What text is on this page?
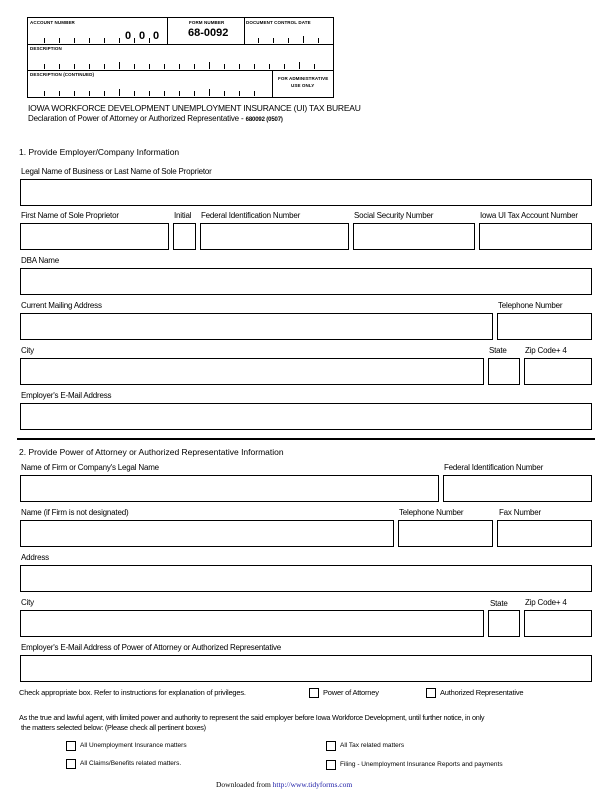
ACCOUNT NUMBER	FORM NUMBER
68-0092
DOCUMENT CONTROL DATE
DESCRIPTION
DESCRIPTION (CONTINUED)
FOR ADMINISTRATIVE
USE ONLY
0 0 0
IOWA WORKFORCE DEVELOPMENT UNEMPLOYMENT INSURANCE (UI) TAX BUREAU
Declaration of Power of Attorney or Authorized Representative - 680092 (0507)
1. Provide Employer/Company Information
Legal Name of Business or Last Name of Sole Proprietor
First Name of Sole Proprietor	Initial Federal Identification Number	Social Security Number	Iowa UI Tax Account Number
DBA Name
Current Mailing Address	Telephone Number
City	State Zip Code+ 4
Employer's E-Mail Address
2. Provide Power of Attorney or Authorized Representative Information
Name of Firm or Company's Legal Name	Federal Identification Number
Name (if Firm is not designated)	Telephone Number	Fax Number
Address
City	State Zip Code+ 4
Employer's E-Mail Address of Power of Attorney or Authorized Representative
Check appropriate box. Refer to instructions for explanation of privileges.	Power of Attorney	Authorized Representative
As the true and lawful agent, with limited power and authority to represent the said employer before Iowa Workforce Development, until further notice, in only
the matters selected below: (Please check all pertinent boxes)
All Unemployment Insurance matters	All Tax related matters
All Claims/Benefits related matters.	Filing - Unemployment Insurance Reports and payments
Downloaded from http://www.tidyforms.com
